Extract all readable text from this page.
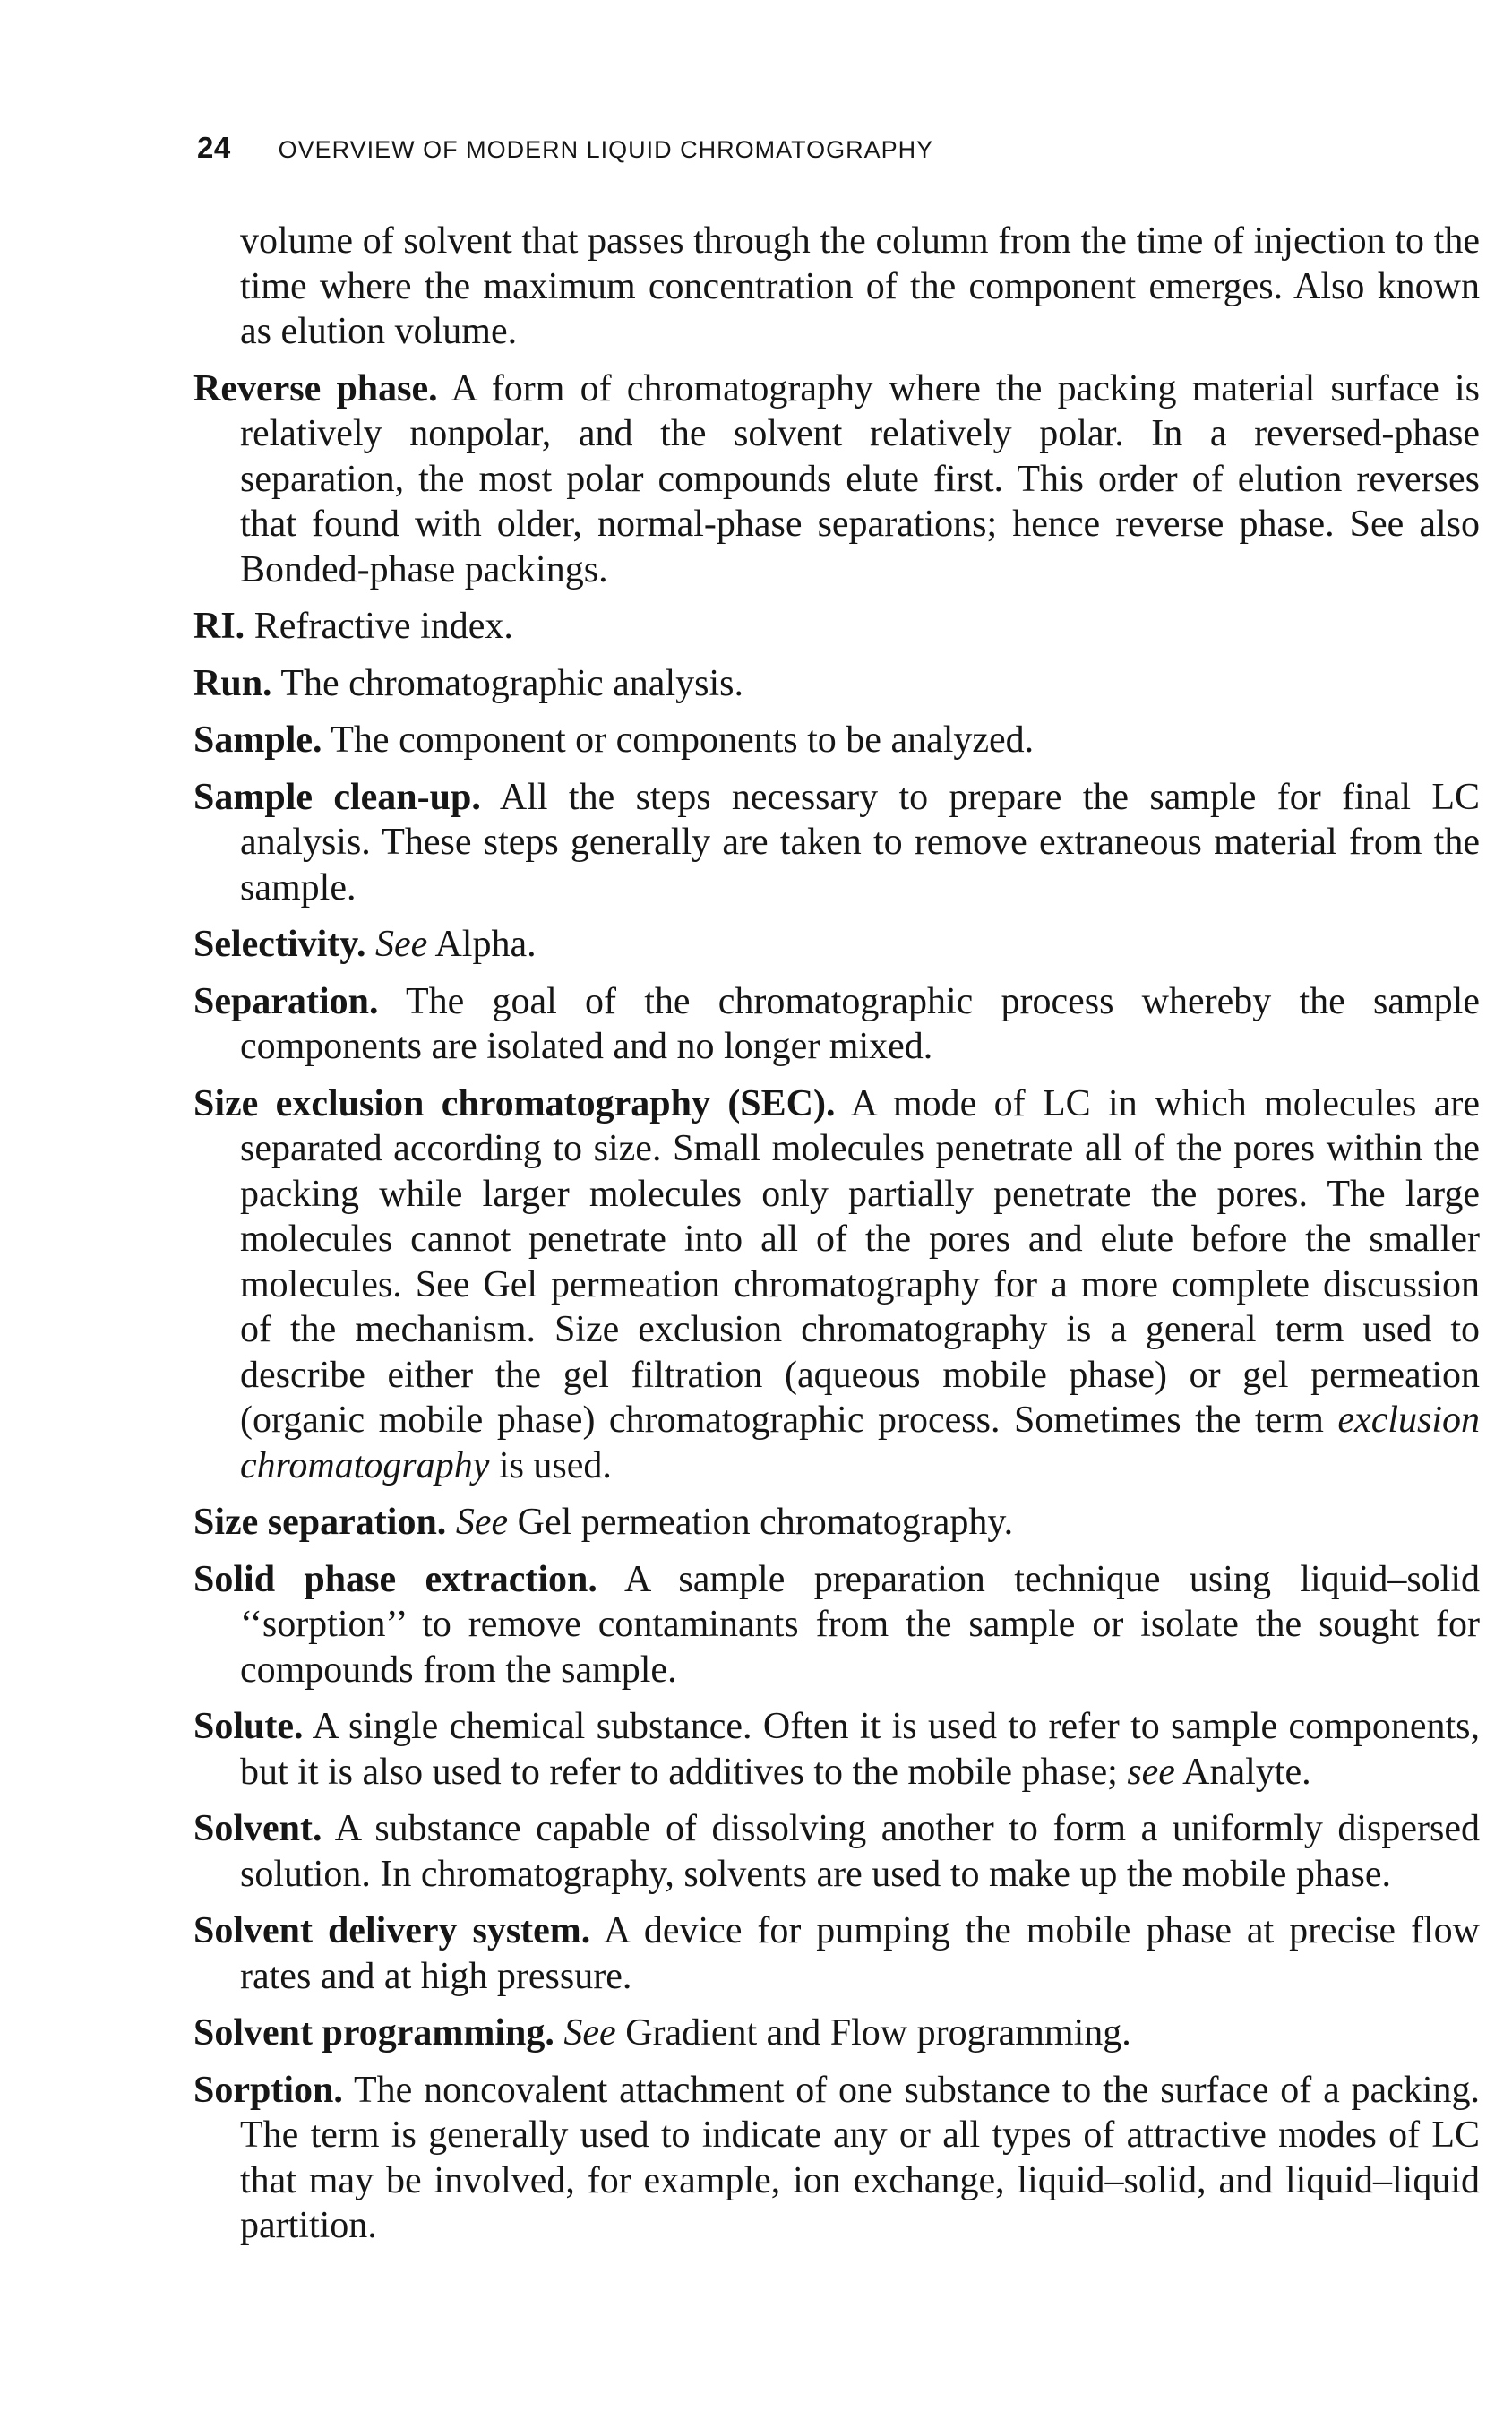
24 OVERVIEW OF MODERN LIQUID CHROMATOGRAPHY

volume of solvent that passes through the column from the time of injection to the time where the maximum concentration of the component emerges. Also known as elution volume.

Reverse phase. A form of chromatography where the packing material surface is relatively nonpolar, and the solvent relatively polar. In a reversed-phase separation, the most polar compounds elute first. This order of elution reverses that found with older, normal-phase separations; hence reverse phase. See also Bonded-phase packings.

RI. Refractive index.

Run. The chromatographic analysis.

Sample. The component or components to be analyzed.

Sample clean-up. All the steps necessary to prepare the sample for final LC analysis. These steps generally are taken to remove extraneous material from the sample.

Selectivity. See Alpha.

Separation. The goal of the chromatographic process whereby the sample components are isolated and no longer mixed.

Size exclusion chromatography (SEC). A mode of LC in which molecules are separated according to size. Small molecules penetrate all of the pores within the packing while larger molecules only partially penetrate the pores. The large molecules cannot penetrate into all of the pores and elute before the smaller molecules. See Gel permeation chromatography for a more complete discussion of the mechanism. Size exclusion chromatography is a general term used to describe either the gel filtration (aqueous mobile phase) or gel permeation (organic mobile phase) chromatographic process. Sometimes the term exclusion chromatography is used.

Size separation. See Gel permeation chromatography.

Solid phase extraction. A sample preparation technique using liquid–solid ‘‘sorption’’ to remove contaminants from the sample or isolate the sought for compounds from the sample.

Solute. A single chemical substance. Often it is used to refer to sample components, but it is also used to refer to additives to the mobile phase; see Analyte.

Solvent. A substance capable of dissolving another to form a uniformly dispersed solution. In chromatography, solvents are used to make up the mobile phase.

Solvent delivery system. A device for pumping the mobile phase at precise flow rates and at high pressure.

Solvent programming. See Gradient and Flow programming.

Sorption. The noncovalent attachment of one substance to the surface of a packing. The term is generally used to indicate any or all types of attractive modes of LC that may be involved, for example, ion exchange, liquid–solid, and liquid–liquid partition.
